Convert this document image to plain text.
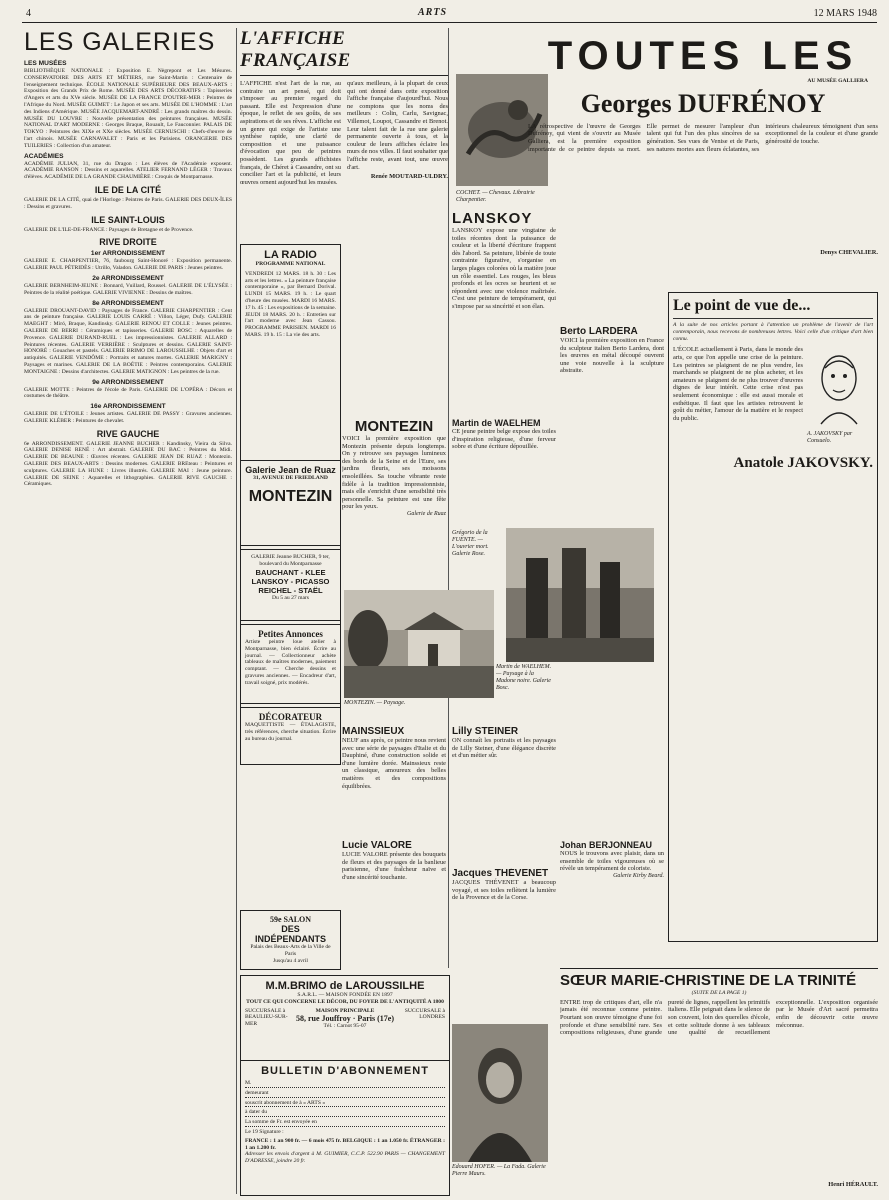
4	ARTS	12 MARS 1948
LES GALERIES
LES MUSÉES
BIBLIOTHÈQUE NATIONALE : Exposition E. Nègrepont et Les Mésures. CONSERVATOIRE DES ARTS ET MÉTIERS, rue Saint-Martin : Centenaire de l'enseignement technique. ÉCOLE NATIONALE SUPÉRIEURE DES BEAUX-ARTS : Exposition des Grands Prix de Rome. MUSÉE DES ARTS DÉCORATIFS : Tapisseries d'Angers et arts du XVe siècle. MUSÉE DE LA FRANCE D'OUTRE-MER : Peintres de l'Afrique du Nord. MUSÉE GUIMET : Le Japon et ses arts. MUSÉE DE L'HOMME : L'art des Indiens d'Amérique. MUSÉE JACQUEMART-ANDRÉ : Les grands maîtres du dessin. MUSÉE DU LOUVRE : Nouvelle présentation des peintures françaises. MUSÉE NATIONAL D'ART MODERNE : Georges Braque, Rouault, Le Fauconnier. PALAIS DE TOKYO : Peintures des XIXe et XXe siècles. MUSÉE CERNUSCHI : Chefs-d'œuvre de l'art chinois. MUSÉE CARNAVALET : Paris et les Parisiens. ORANGERIE DES TUILERIES : Collection d'un amateur.
ACADÉMIES
ACADÉMIE JULIAN, 31, rue du Dragon : Les élèves de l'Académie exposent. ACADÉMIE RANSON : Dessins et aquarelles. ATELIER FERNAND LÉGER : Travaux d'élèves. ACADÉMIE DE LA GRANDE CHAUMIÈRE : Croquis de Montparnasse.
ILE DE LA CITÉ
GALERIE DE LA CITÉ, quai de l'Horloge : Peintres de Paris. GALERIE DES DEUX-ÎLES : Dessins et gravures.
ILE SAINT-LOUIS
GALERIE DE L'ILE-DE-FRANCE : Paysages de Bretagne et de Provence.
RIVE DROITE
1er ARRONDISSEMENT
GALERIE E. CHARPENTIER, 76, faubourg Saint-Honoré : Exposition permanente. GALERIE PAUL PÉTRIDÈS : Utrillo, Valadon. GALERIE DE PARIS : Jeunes peintres.
2e ARRONDISSEMENT
GALERIE BERNHEIM-JEUNE : Bonnard, Vuillard, Roussel. GALERIE DE L'ÉLYSÉE : Peintres de la réalité poétique. GALERIE VIVIENNE : Dessins de maîtres.
8e ARRONDISSEMENT
GALERIE DROUANT-DAVID : Paysages de France. GALERIE CHARPENTIER : Cent ans de peinture française. GALERIE LOUIS CARRÉ : Villon, Léger, Dufy. GALERIE MAEGHT : Miró, Braque, Kandinsky. GALERIE RENOU ET COLLE : Jeunes peintres. GALERIE DE BERRI : Céramiques et tapisseries. GALERIE BOSC : Aquarelles de Provence. GALERIE DURAND-RUEL : Les impressionnistes. GALERIE ALLARD : Peintures récentes. GALERIE VERRIÈRE : Sculptures et dessins. GALERIE SAINT-HONORÉ : Gouaches et pastels. GALERIE BRIMO DE LAROUSSILHE : Objets d'art et antiquités. GALERIE VENDÔME : Portraits et natures mortes. GALERIE MARIGNY : Paysages et marines. GALERIE DE LA BOÉTIE : Peintres contemporains. GALERIE MONTAIGNE : Dessins d'architectes. GALERIE MATIGNON : Les peintres de la rue.
9e ARRONDISSEMENT
GALERIE MOTTE : Peintres de l'école de Paris. GALERIE DE L'OPÉRA : Décors et costumes de théâtre.
16e ARRONDISSEMENT
GALERIE DE L'ÉTOILE : Jeunes artistes. GALERIE DE PASSY : Gravures anciennes. GALERIE KLÉBER : Peintures de chevalet.
RIVE GAUCHE
6e ARRONDISSEMENT. GALERIE JEANNE BUCHER : Kandinsky, Vieira da Silva. GALERIE DENISE RENÉ : Art abstrait. GALERIE DU BAC : Peintres du Midi. GALERIE DE BEAUNE : Œuvres récentes. GALERIE JEAN DE RUAZ : Montezin. GALERIE DES BEAUX-ARTS : Dessins modernes. GALERIE BREteau : Peintures et sculptures. GALERIE LA HUNE : Livres illustrés. GALERIE MAI : Jeune peinture. GALERIE DE SEINE : Aquarelles et lithographies. GALERIE RIVE GAUCHE : Céramiques.
L'AFFICHE FRANÇAISE
L'AFFICHE n'est l'art de la rue, au contraire un art pensé, qui doit s'imposer au premier regard du passant. Elle est l'expression d'une époque, le reflet de ses goûts, de ses aspirations et de ses rêves. L'affiche est un genre qui exige de l'artiste une synthèse rapide, une clarté de composition et une puissance d'évocation que peu de peintres possèdent. Les grands affichistes français, de Chéret à Cassandre, ont su concilier l'art et la publicité, et leurs œuvres ornent aujourd'hui les musées.
qu'aux meilleurs, à la plupart de ceux qui ont donné dans cette exposition l'affiche française d'aujourd'hui. Nous ne comptons que les noms des meilleurs : Colin, Carlu, Savignac, Villemot, Loupot, Cassandre et Brenot. Leur talent fait de la rue une galerie permanente ouverte à tous, et la couleur de leurs affiches éclaire les murs de nos villes. Il faut souhaiter que l'affiche reste, avant tout, une œuvre d'art.
Renée MOUTARD-ULDRY.
LA RADIO
PROGRAMME NATIONAL
VENDREDI 12 MARS. 18 h. 30 : Les arts et les lettres. « La peinture française contemporaine », par Bernard Dorival. LUNDI 15 MARS. 19 h. : Le quart d'heure des musées. MARDI 16 MARS. 17 h. 45 : Les expositions de la semaine. JEUDI 18 MARS. 20 h. : Entretien sur l'art moderne avec Jean Cassou. PROGRAMME PARISIEN. MARDI 16 MARS. 19 h. 15 : La vie des arts.
Galerie Jean de Ruaz
31, AVENUE DE FRIEDLAND
MONTEZIN
GALERIE Jeanne BUCHER, 9 ter, boulevard du Montparnasse
BAUCHANT - KLEE
LANSKOY - PICASSO
REICHEL - STAËL
Du 5 au 27 mars
Petites Annonces
Artiste peintre loue atelier à Montparnasse, bien éclairé. Écrire au journal. — Collectionneur achète tableaux de maîtres modernes, paiement comptant. — Cherche dessins et gravures anciennes. — Encadreur d'art, travail soigné, prix modérés.
DÉCORATEUR
MAQUETTISTE — ÉTALAGISTE, très références, cherche situation. Écrire au bureau du journal.
59e SALON
DES INDÉPENDANTS
Palais des Beaux-Arts de la Ville de Paris
Jusqu'au 4 avril
COCHET. — Chevaux. Librairie Charpentier.
LANSKOY
LANSKOY expose une vingtaine de toiles récentes dont la puissance de couleur et la liberté d'écriture frappent dès l'abord. Sa peinture, libérée de toute contrainte figurative, s'organise en larges plages colorées où la matière joue un rôle essentiel. Les rouges, les bleus profonds et les ocres se heurtent et se répondent avec une violence maîtrisée. C'est une peinture de tempérament, qui s'impose par sa sincérité et son élan.
MONTEZIN
VOICI la première exposition que Montezin présente depuis longtemps. On y retrouve ses paysages lumineux des bords de la Seine et de l'Eure, ses jardins fleuris, ses moissons ensoleillées. Sa touche vibrante reste fidèle à la tradition impressionniste, mais elle s'enrichit d'une sensibilité très personnelle. Sa peinture est une fête pour les yeux.
Galerie de Ruaz
MONTEZIN. — Paysage.
MAINSSIEUX
NEUF ans après, ce peintre nous revient avec une série de paysages d'Italie et du Dauphiné, d'une construction solide et d'une lumière dorée. Mainssieux reste un classique, amoureux des belles matières et des compositions équilibrées.
Lucie VALORE
LUCIE VALORE présente des bouquets de fleurs et des paysages de la banlieue parisienne, d'une fraîcheur naïve et d'une sincérité touchante.
Martin de WAELHEM
CE jeune peintre belge expose des toiles d'inspiration religieuse, d'une ferveur sobre et d'une écriture dépouillée.
Grégorio de la FUENTE. — L'ouvrier mort. Galerie Rose.
Martin de WAELHEM. — Paysage à la Madone noire. Galerie Bosc.
Lilly STEINER
ON connaît les portraits et les paysages de Lilly Steiner, d'une élégance discrète et d'un métier sûr.
Jacques THÉVENET
JACQUES THÉVENET a beaucoup voyagé, et ses toiles reflètent la lumière de la Provence et de la Corse.
TOUTES LES
AU MUSÉE GALLIERA
Georges DUFRÉNOY
LA rétrospective de l'œuvre de Georges Dufrénoy, qui vient de s'ouvrir au Musée Galliera, est la première exposition importante de ce peintre depuis sa mort. Elle permet de mesurer l'ampleur d'un talent qui fut l'un des plus sincères de sa génération. Ses vues de Venise et de Paris, ses natures mortes aux fleurs éclatantes, ses intérieurs chaleureux témoignent d'un sens exceptionnel de la couleur et d'une grande générosité de touche.
Denys CHEVALIER.
Le point de vue de...
A la suite de nos articles portant à l'attention un problème de l'avenir de l'art contemporain, nous recevons de nombreuses lettres. Voici celle d'un critique d'art bien connu.
L'ÉCOLE actuellement à Paris, dans le monde des arts, ce que l'on appelle une crise de la peinture. Les peintres se plaignent de ne plus vendre, les marchands se plaignent de ne plus acheter, et les amateurs se plaignent de ne plus trouver d'œuvres dignes de leur intérêt. Cette crise n'est pas seulement économique : elle est aussi morale et esthétique. Il faut que les artistes retrouvent le goût du métier, l'amour de la matière et le respect du public.
A. JAKOVSKY par Consuelo.
Anatole JAKOVSKY.
Berto LARDERA
VOICI la première exposition en France du sculpteur italien Berto Lardera, dont les œuvres en métal découpé ouvrent une voie nouvelle à la sculpture abstraite.
Johan BERJONNEAU
NOUS le trouvons avec plaisir, dans un ensemble de toiles vigoureuses où se révèle un tempérament de coloriste.
Galerie Kirby Beard.
M.M.BRIMO de LAROUSSILHE
S.A.R.L. — MAISON FONDÉE EN 1897
TOUT CE QUI CONCERNE LE DÉCOR, DU FOYER DE L'ANTIQUITÉ A 1800
SUCCURSALE à BEAULIEU-SUR-MER
MAISON PRINCIPALE
58, rue Jouffroy · Paris (17e)
Tél. : Carnot 95-07
SUCCURSALE à LONDRES
BULLETIN D'ABONNEMENT
M.
demeurant
souscrit abonnement de à « ARTS »
à dater du
La somme de Fr. est envoyée en
Le 19 Signature :
FRANCE : 1 an 900 fr. — 6 mois 475 fr. BELGIQUE : 1 an 1.050 fr. ÉTRANGER : 1 an 1.200 fr.
Adresser les envois d'argent à M. GUIMIER, C.C.P. 522.90 PARIS — CHANGEMENT D'ADRESSE, joindre 20 fr.
Edouard HOFER. — La Fada. Galerie Pierre Maurs.
SŒUR MARIE-CHRISTINE DE LA TRINITÉ
(SUITE DE LA PAGE 1)
ENTRE trop de critiques d'art, elle n'a jamais été reconnue comme peintre. Pourtant son œuvre témoigne d'une foi profonde et d'une sensibilité rare. Ses compositions religieuses, d'une grande pureté de lignes, rappellent les primitifs italiens. Elle peignait dans le silence de son couvent, loin des querelles d'école, et cette solitude donne à ses tableaux une qualité de recueillement exceptionnelle. L'exposition organisée par le Musée d'Art sacré permettra enfin de découvrir cette œuvre méconnue.
Henri HÉRAULT.
